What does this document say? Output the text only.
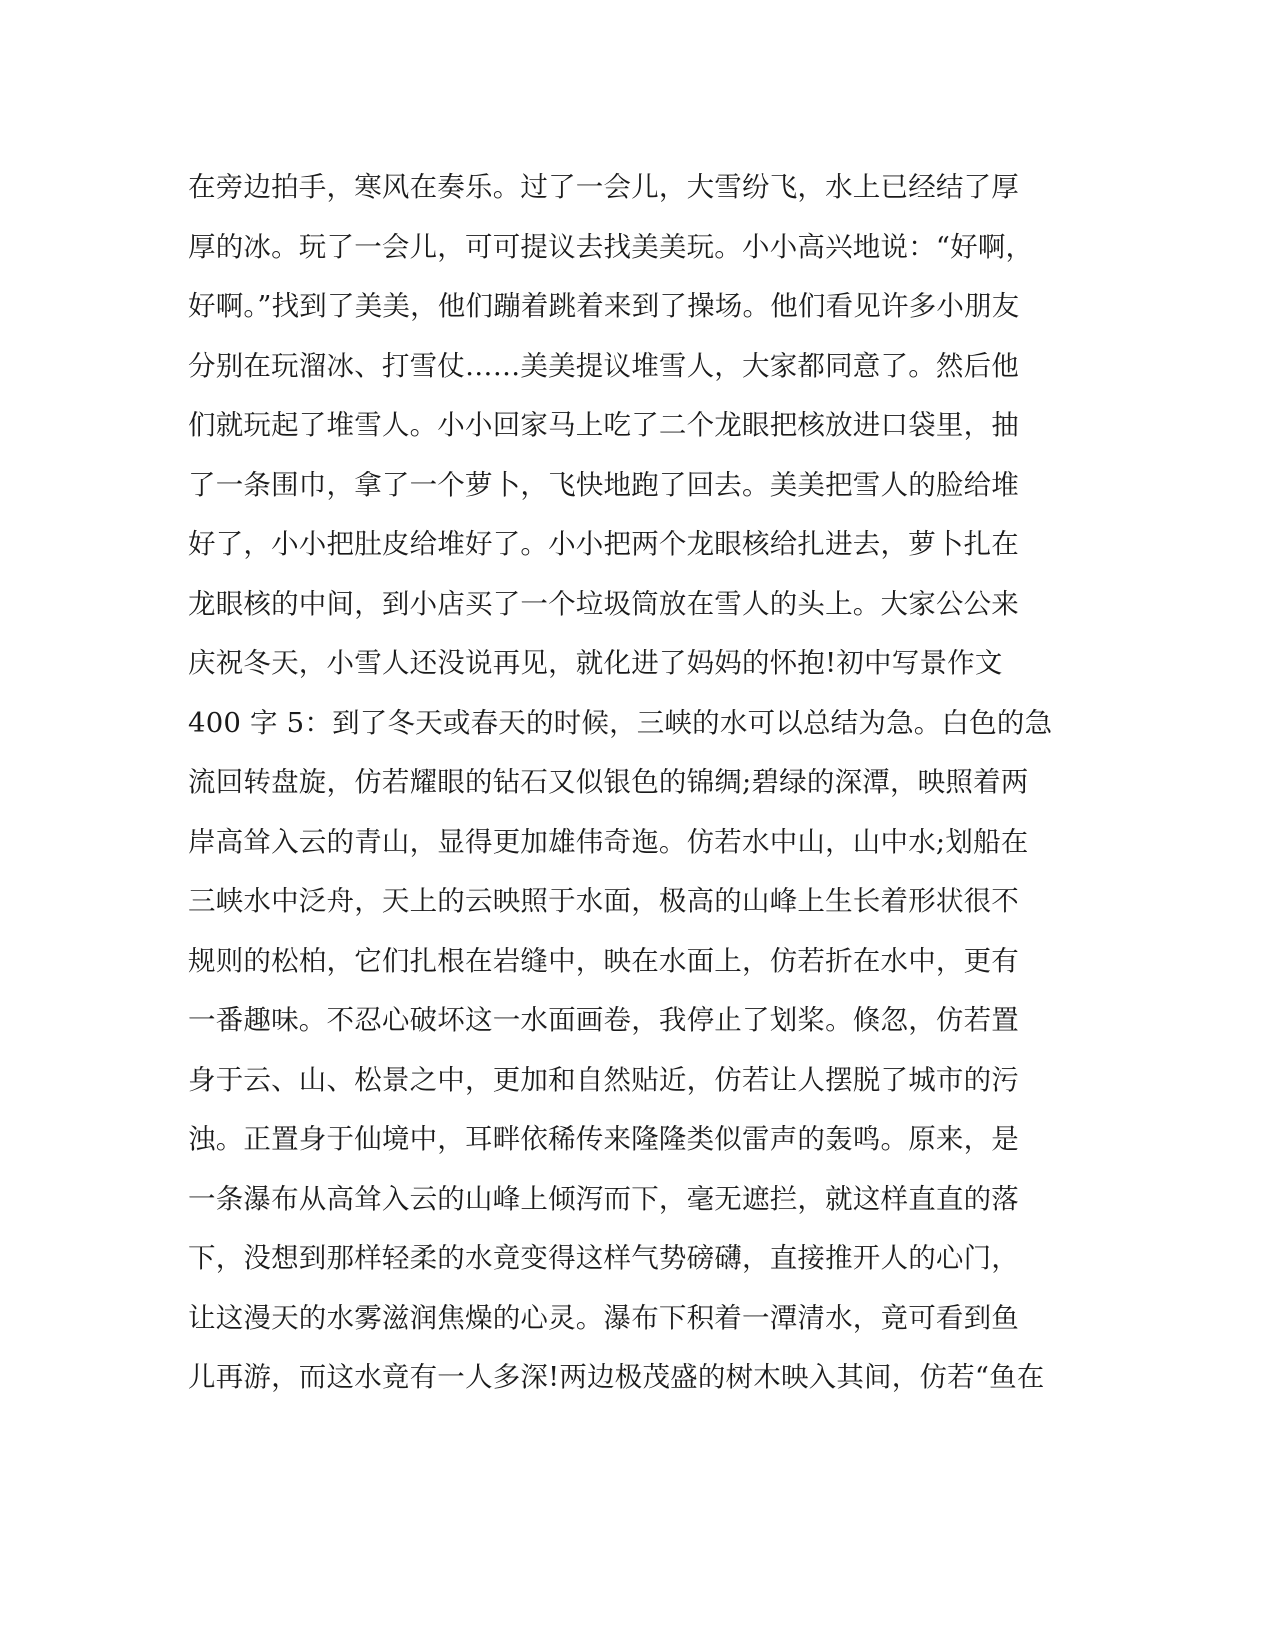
在旁边拍手，寒风在奏乐。过了一会儿，大雪纷飞，水上已经结了厚
厚的冰。玩了一会儿，可可提议去找美美玩。小小高兴地说：“好啊，
好啊。”找到了美美，他们蹦着跳着来到了操场。他们看见许多小朋友
分别在玩溜冰、打雪仗……美美提议堆雪人，大家都同意了。然后他
们就玩起了堆雪人。小小回家马上吃了二个龙眼把核放进口袋里，抽
了一条围巾，拿了一个萝卜，飞快地跑了回去。美美把雪人的脸给堆
好了，小小把肚皮给堆好了。小小把两个龙眼核给扎进去，萝卜扎在
龙眼核的中间，到小店买了一个垃圾筒放在雪人的头上。大家公公来
庆祝冬天，小雪人还没说再见，就化进了妈妈的怀抱!初中写景作文
400 字 5：到了冬天或春天的时候，三峡的水可以总结为急。白色的急
流回转盘旋，仿若耀眼的钻石又似银色的锦绸;碧绿的深潭，映照着两
岸高耸入云的青山，显得更加雄伟奇迤。仿若水中山，山中水;划船在
三峡水中泛舟，天上的云映照于水面，极高的山峰上生长着形状很不
规则的松柏，它们扎根在岩缝中，映在水面上，仿若折在水中，更有
一番趣味。不忍心破坏这一水面画卷，我停止了划桨。倏忽，仿若置
身于云、山、松景之中，更加和自然贴近，仿若让人摆脱了城市的污
浊。正置身于仙境中，耳畔依稀传来隆隆类似雷声的轰鸣。原来，是
一条瀑布从高耸入云的山峰上倾泻而下，毫无遮拦，就这样直直的落
下，没想到那样轻柔的水竟变得这样气势磅礴，直接推开人的心门，
让这漫天的水雾滋润焦燥的心灵。瀑布下积着一潭清水，竟可看到鱼
儿再游，而这水竟有一人多深!两边极茂盛的树木映入其间，仿若“鱼在
